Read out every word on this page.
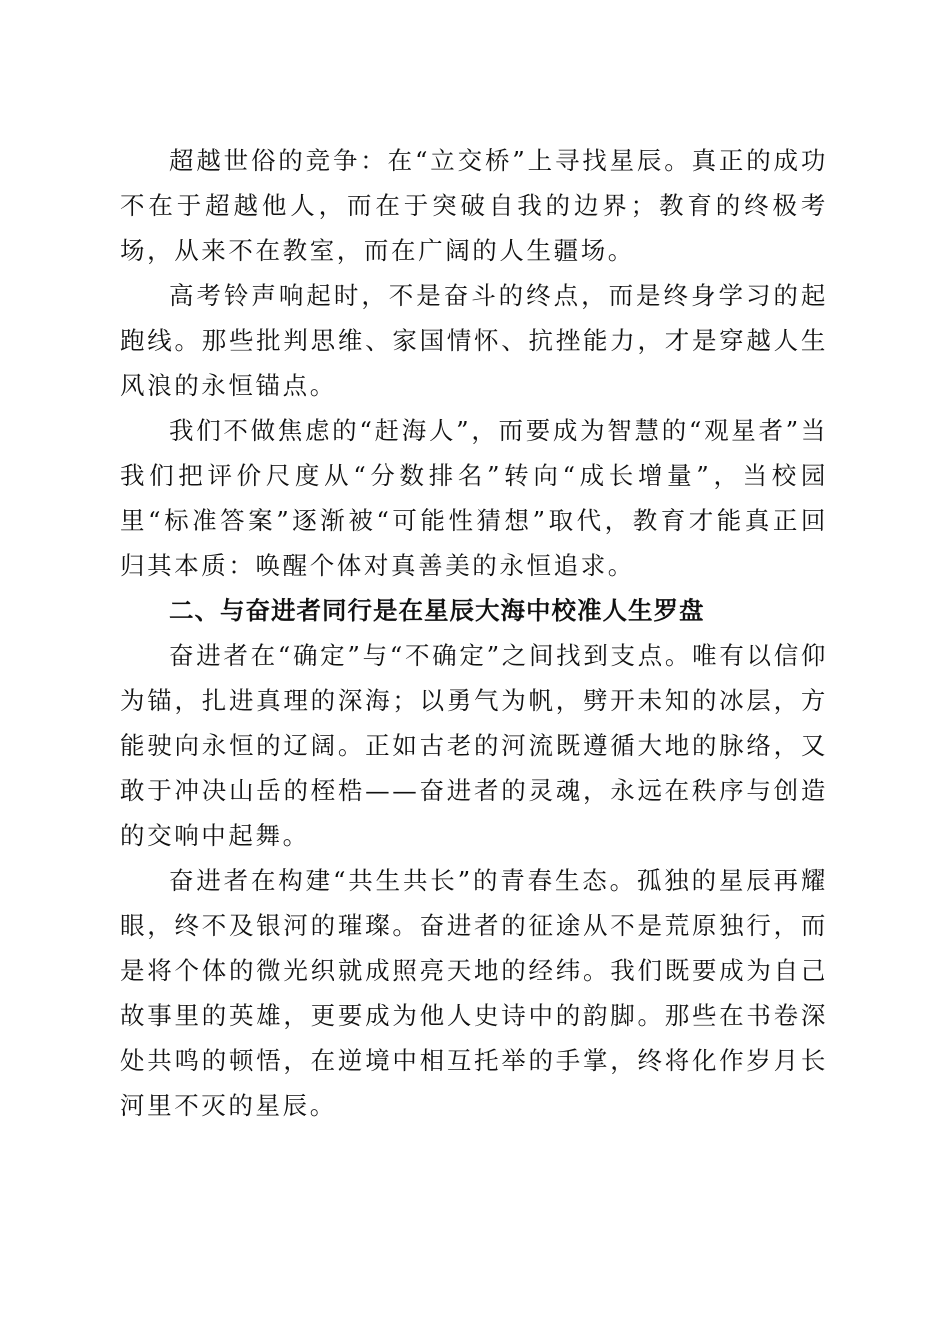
超越世俗的竞争：在“立交桥”上寻找星辰。真正的成功不在于超越他人，而在于突破自我的边界；教育的终极考场，从来不在教室，而在广阔的人生疆场。

高考铃声响起时，不是奋斗的终点，而是终身学习的起跑线。那些批判思维、家国情怀、抗挫能力，才是穿越人生风浪的永恒锚点。

我们不做焦虑的“赶海人”，而要成为智慧的“观星者”当我们把评价尺度从“分数排名”转向“成长增量”，当校园里“标准答案”逐渐被“可能性猜想”取代，教育才能真正回归其本质：唤醒个体对真善美的永恒追求。

二、与奋进者同行是在星辰大海中校准人生罗盘

奋进者在“确定”与“不确定”之间找到支点。唯有以信仰为锚，扎进真理的深海；以勇气为帆，劈开未知的冰层，方能驶向永恒的辽阔。正如古老的河流既遵循大地的脉络，又敢于冲决山岳的桎梏——奋进者的灵魂，永远在秩序与创造的交响中起舞。

奋进者在构建“共生共长”的青春生态。孤独的星辰再耀眼，终不及银河的璀璨。奋进者的征途从不是荒原独行，而是将个体的微光织就成照亮天地的经纬。我们既要成为自己故事里的英雄，更要成为他人史诗中的韵脚。那些在书卷深处共鸣的顿悟，在逆境中相互托举的手掌，终将化作岁月长河里不灭的星辰。
